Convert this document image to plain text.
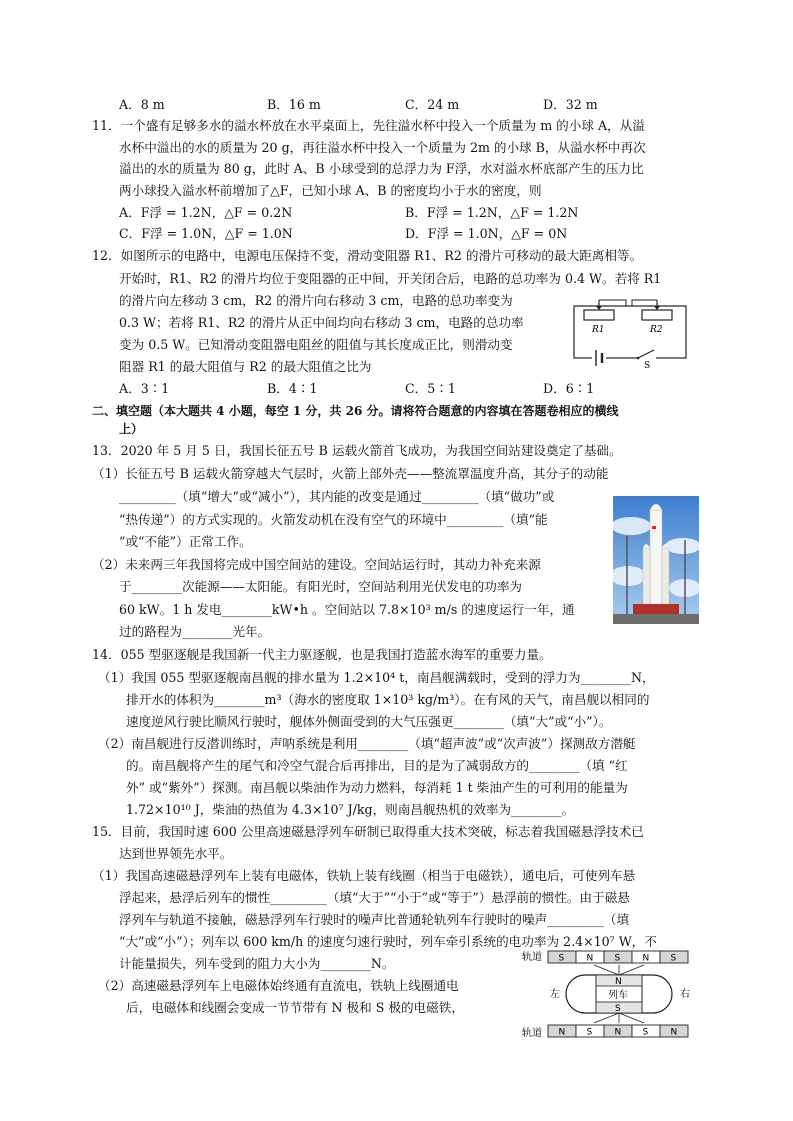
A．8 m	B．16 m	C．24 m	D．32 m
11．一个盛有足够多水的溢水杯放在水平桌面上，先往溢水杯中投入一个质量为 m 的小球 A，从溢
水杯中溢出的水的质量为 20 g，再往溢水杯中投入一个质量为 2m 的小球 B，从溢水杯中再次
溢出的水的质量为 80 g，此时 A、B 小球受到的总浮力为 F浮，水对溢水杯底部产生的压力比
两小球投入溢水杯前增加了△F，已知小球 A、B 的密度均小于水的密度，则
A．F浮 = 1.2N，△F = 0.2N	B．F浮 = 1.2N，△F = 1.2N
C．F浮 = 1.0N，△F = 1.0N	D．F浮 = 1.0N，△F = 0N
12．如图所示的电路中，电源电压保持不变，滑动变阻器 R1、R2 的滑片可移动的最大距离相等。
开始时，R1、R2 的滑片均位于变阻器的正中间，开关闭合后，电路的总功率为 0.4 W。若将 R1
的滑片向左移动 3 cm，R2 的滑片向右移动 3 cm，电路的总功率变为
0.3 W；若将 R1、R2 的滑片从正中间均向右移动 3 cm，电路的总功率
变为 0.5 W。已知滑动变阻器电阻丝的阻值与其长度成正比，则滑动变
阻器 R1 的最大阻值与 R2 的最大阻值之比为
A．3∶1	B．4∶1	C．5∶1	D．6∶1
R1	R2
S
二、填空题（本大题共 4 小题，每空 1 分，共 26 分。请将符合题意的内容填在答题卷相应的横线
上）
13．2020 年 5 月 5 日，我国长征五号 B 运载火箭首飞成功，为我国空间站建设奠定了基础。
（1）长征五号 B 运载火箭穿越大气层时，火箭上部外壳——整流罩温度升高，其分子的动能
_________（填“增大”或“减小”），其内能的改变是通过_________（填“做功”或
“热传递”）的方式实现的。火箭发动机在没有空气的环境中_________（填“能
”或“不能”）正常工作。
（2）未来两三年我国将完成中国空间站的建设。空间站运行时，其动力补充来源
于________次能源——太阳能。有阳光时，空间站利用光伏发电的功率为
60 kW。1 h 发电________kW•h 。空间站以 7.8×10³ m/s 的速度运行一年，通
过的路程为________光年。
14．055 型驱逐舰是我国新一代主力驱逐舰，也是我国打造蓝水海军的重要力量。
（1）我国 055 型驱逐舰南昌舰的排水量为 1.2×10⁴ t，南昌舰满载时，受到的浮力为________N，
排开水的体积为________m³（海水的密度取 1×10³ kg/m³）。在有风的天气，南昌舰以相同的
速度逆风行驶比顺风行驶时，舰体外侧面受到的大气压强更________（填“大”或“小”）。
（2）南昌舰进行反潜训练时，声呐系统是利用________（填“超声波”或“次声波”）探测敌方潜艇
的。南昌舰将产生的尾气和冷空气混合后再排出，目的是为了减弱敌方的________（填 “红
外” 或“紫外”）探测。南昌舰以柴油作为动力燃料，每消耗 1 t 柴油产生的可利用的能量为
1.72×10¹⁰ J，柴油的热值为 4.3×10⁷ J/kg，则南昌舰热机的效率为________。
15．目前，我国时速 600 公里高速磁悬浮列车研制已取得重大技术突破，标志着我国磁悬浮技术已
达到世界领先水平。
（1）我国高速磁悬浮列车上装有电磁体，铁轨上装有线圈（相当于电磁铁），通电后，可使列车悬
浮起来，悬浮后列车的惯性_________（填“大于”“小于”或“等于”）悬浮前的惯性。由于磁悬
浮列车与轨道不接触，磁悬浮列车行驶时的噪声比普通轮轨列车行驶时的噪声_________（填
“大”或“小”）；列车以 600 km/h 的速度匀速行驶时，列车牵引系统的电功率为 2.4×10⁷ W，不
计能量损失，列车受到的阻力大小为________N。
（2）高速磁悬浮列车上电磁体始终通有直流电，铁轨上线圈通电
后，电磁体和线圈会变成一节节带有 N 极和 S 极的电磁铁，
轨道
轨道
左	右
S N S N S
N S N S N
N
S
列车
